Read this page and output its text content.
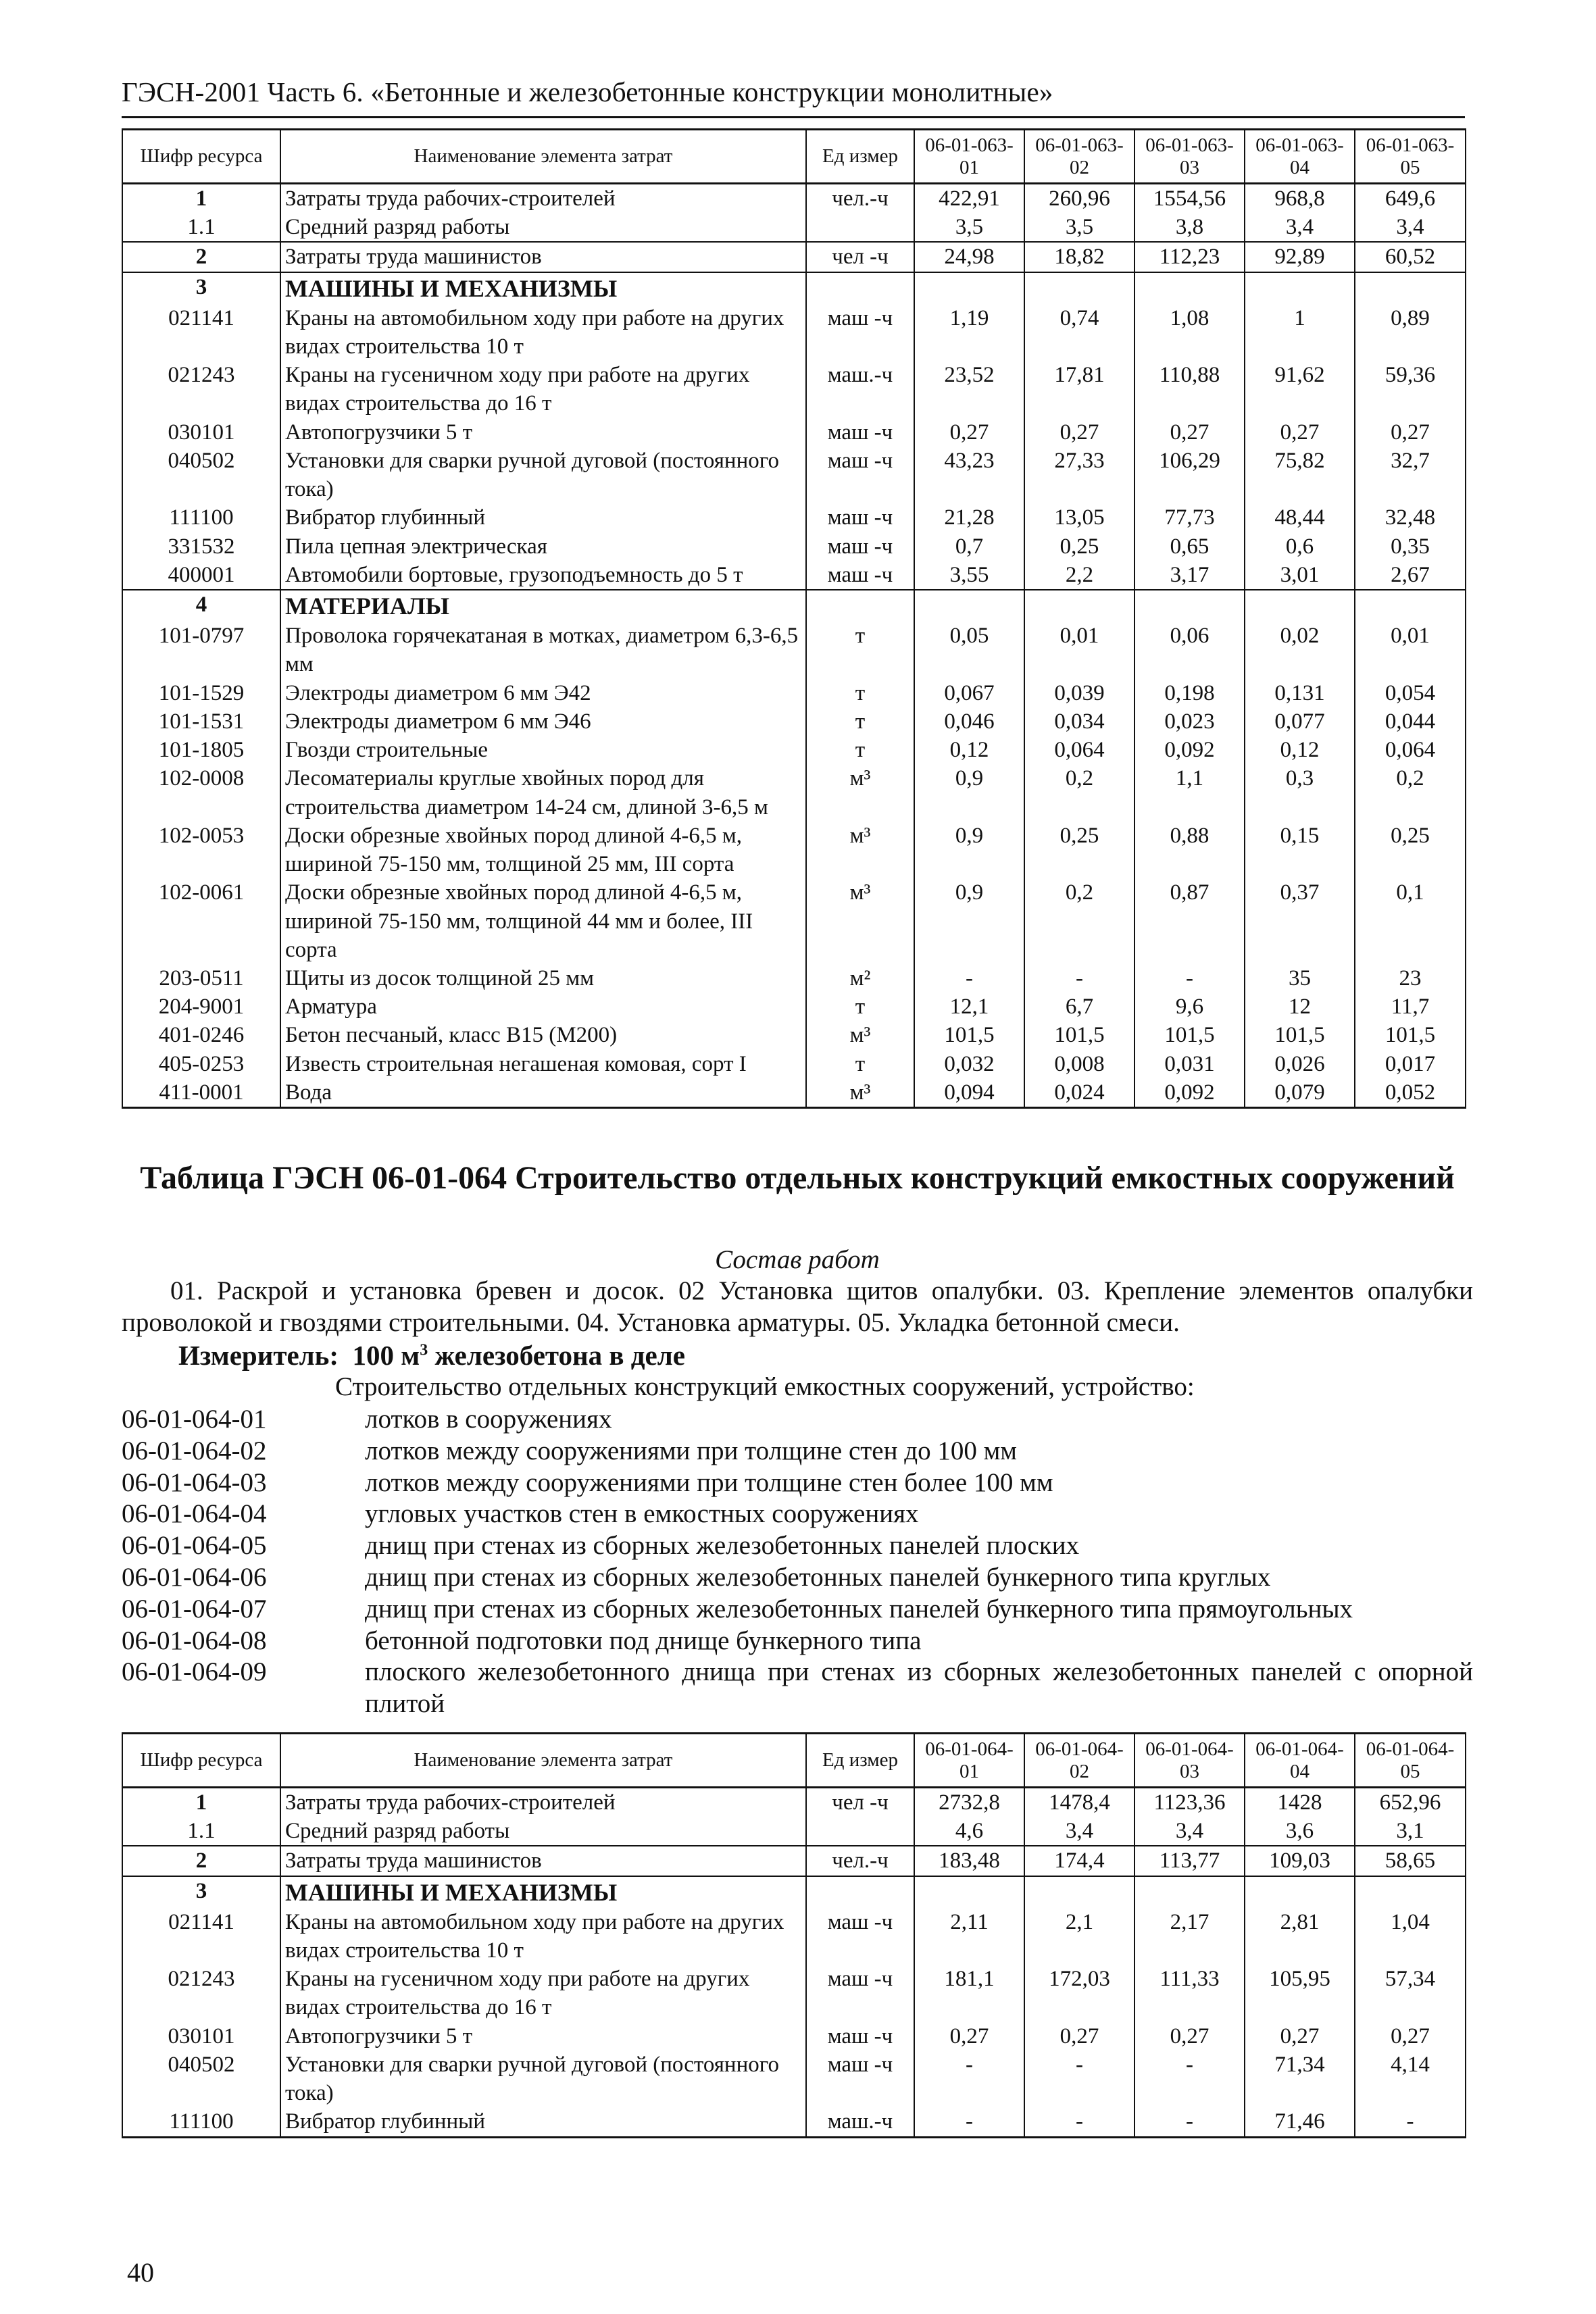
ГЭСН-2001 Часть 6. «Бетонные и железобетонные конструкции монолитные»
Шифр ресурса	Наименование элемента затрат	Ед измер	06-01-063-01	06-01-063-02	06-01-063-03	06-01-063-04	06-01-063-05
1	Затраты труда рабочих-строителей	чел.-ч	422,91	260,96	1554,56	968,8	649,6
1.1	Средний разряд работы		3,5	3,5	3,8	3,4	3,4
2	Затраты труда машинистов	чел -ч	24,98	18,82	112,23	92,89	60,52
3	МАШИНЫ И МЕХАНИЗМЫ						
021141	Краны на автомобильном ходу при работе на других видах строительства 10 т	маш -ч	1,19	0,74	1,08	1	0,89
021243	Краны на гусеничном ходу при работе на других видах строительства до 16 т	маш.-ч	23,52	17,81	110,88	91,62	59,36
030101	Автопогрузчики 5 т	маш -ч	0,27	0,27	0,27	0,27	0,27
040502	Установки для сварки ручной дуговой (постоянного тока)	маш -ч	43,23	27,33	106,29	75,82	32,7
111100	Вибратор глубинный	маш -ч	21,28	13,05	77,73	48,44	32,48
331532	Пила цепная электрическая	маш -ч	0,7	0,25	0,65	0,6	0,35
400001	Автомобили бортовые, грузоподъемность до 5 т	маш -ч	3,55	2,2	3,17	3,01	2,67
4	МАТЕРИАЛЫ						
101-0797	Проволока горячекатаная в мотках, диаметром 6,3-6,5 мм	т	0,05	0,01	0,06	0,02	0,01
101-1529	Электроды диаметром 6 мм Э42	т	0,067	0,039	0,198	0,131	0,054
101-1531	Электроды диаметром 6 мм Э46	т	0,046	0,034	0,023	0,077	0,044
101-1805	Гвозди строительные	т	0,12	0,064	0,092	0,12	0,064
102-0008	Лесоматериалы круглые хвойных пород для строительства диаметром 14-24 см, длиной 3-6,5 м	м³	0,9	0,2	1,1	0,3	0,2
102-0053	Доски обрезные хвойных пород длиной 4-6,5 м, шириной 75-150 мм, толщиной 25 мм, III сорта	м³	0,9	0,25	0,88	0,15	0,25
102-0061	Доски обрезные хвойных пород длиной 4-6,5 м, шириной 75-150 мм, толщиной 44 мм и более, III сорта	м³	0,9	0,2	0,87	0,37	0,1
203-0511	Щиты из досок толщиной 25 мм	м²	-	-	-	35	23
204-9001	Арматура	т	12,1	6,7	9,6	12	11,7
401-0246	Бетон песчаный, класс В15 (М200)	м³	101,5	101,5	101,5	101,5	101,5
405-0253	Известь строительная негашеная комовая, сорт I	т	0,032	0,008	0,031	0,026	0,017
411-0001	Вода	м³	0,094	0,024	0,092	0,079	0,052
Таблица ГЭСН 06-01-064 Строительство отдельных конструкций емкостных сооружений
Состав работ
01. Раскрой и установка бревен и досок. 02 Установка щитов опалубки. 03. Крепление элементов опалубки проволокой и гвоздями строительными. 04. Установка арматуры. 05. Укладка бетонной смеси.
Измеритель: 100 $м^3$ железобетона в деле
Строительство отдельных конструкций емкостных сооружений, устройство:
06-01-064-01	лотков в сооружениях
06-01-064-02	лотков между сооружениями при толщине стен до 100 мм
06-01-064-03	лотков между сооружениями при толщине стен более 100 мм
06-01-064-04	угловых участков стен в емкостных сооружениях
06-01-064-05	днищ при стенах из сборных железобетонных панелей плоских
06-01-064-06	днищ при стенах из сборных железобетонных панелей бункерного типа круглых
06-01-064-07	днищ при стенах из сборных железобетонных панелей бункерного типа прямоугольных
06-01-064-08	бетонной подготовки под днище бункерного типа
06-01-064-09	плоского железобетонного днища при стенах из сборных железобетонных панелей с опорной плитой
Шифр ресурса	Наименование элемента затрат	Ед измер	06-01-064-01	06-01-064-02	06-01-064-03	06-01-064-04	06-01-064-05
1	Затраты труда рабочих-строителей	чел -ч	2732,8	1478,4	1123,36	1428	652,96
1.1	Средний разряд работы		4,6	3,4	3,4	3,6	3,1
2	Затраты труда машинистов	чел.-ч	183,48	174,4	113,77	109,03	58,65
3	МАШИНЫ И МЕХАНИЗМЫ						
021141	Краны на автомобильном ходу при работе на других видах строительства 10 т	маш -ч	2,11	2,1	2,17	2,81	1,04
021243	Краны на гусеничном ходу при работе на других видах строительства до 16 т	маш -ч	181,1	172,03	111,33	105,95	57,34
030101	Автопогрузчики 5 т	маш -ч	0,27	0,27	0,27	0,27	0,27
040502	Установки для сварки ручной дуговой (постоянного тока)	маш -ч	-	-	-	71,34	4,14
111100	Вибратор глубинный	маш.-ч	-	-	-	71,46	-
40
